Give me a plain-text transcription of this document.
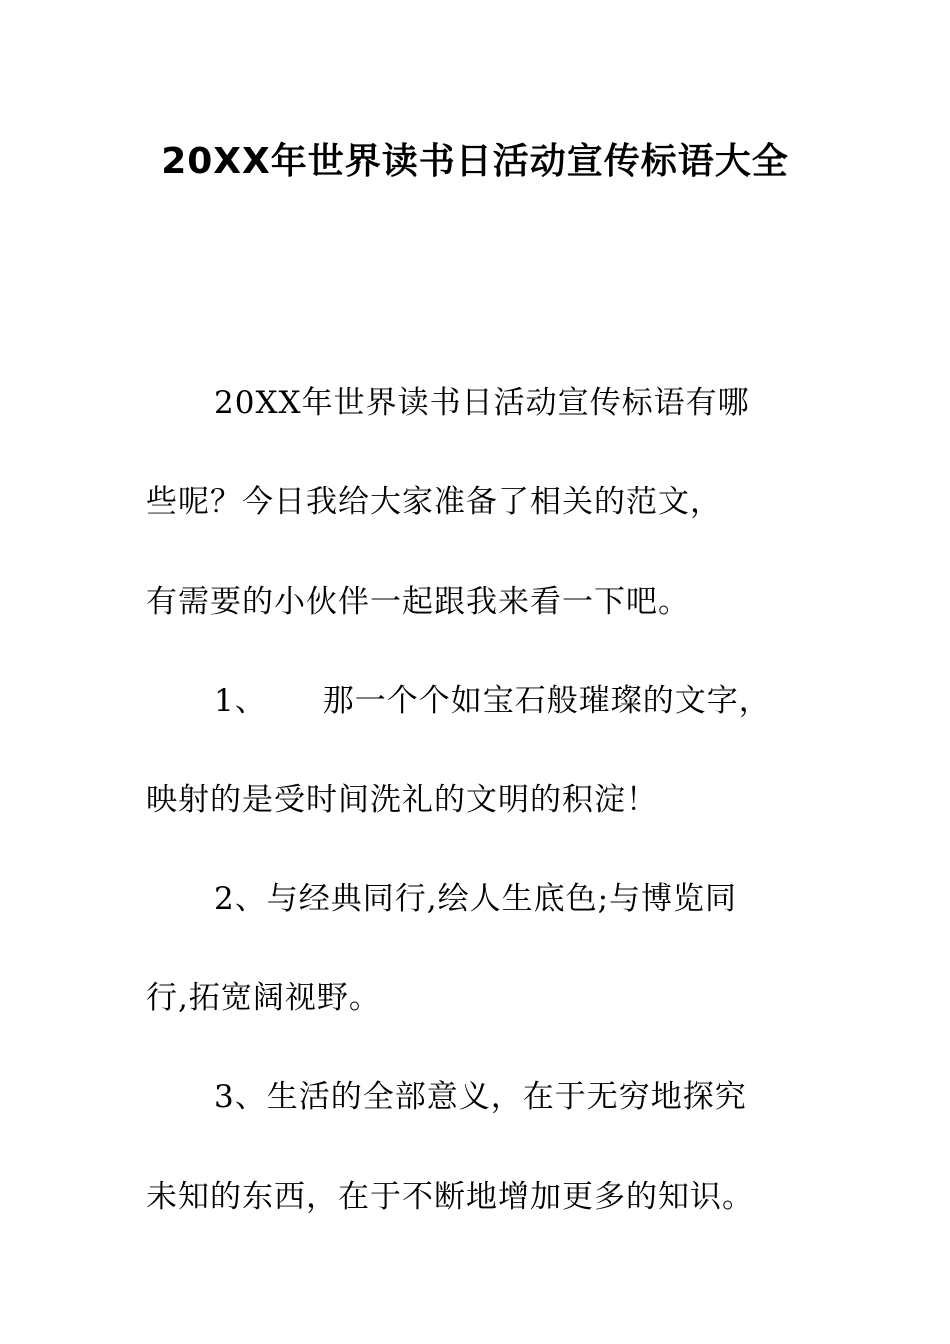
20XX年世界读书日活动宣传标语大全

20XX年世界读书日活动宣传标语有哪

些呢？今日我给大家准备了相关的范文，

有需要的小伙伴一起跟我来看一下吧。

1、 那一个个如宝石般璀璨的文字，

映射的是受时间洗礼的文明的积淀！

2、与经典同行,绘人生底色;与博览同

行,拓宽阔视野。

3、生活的全部意义，在于无穷地探究

未知的东西，在于不断地增加更多的知识。
